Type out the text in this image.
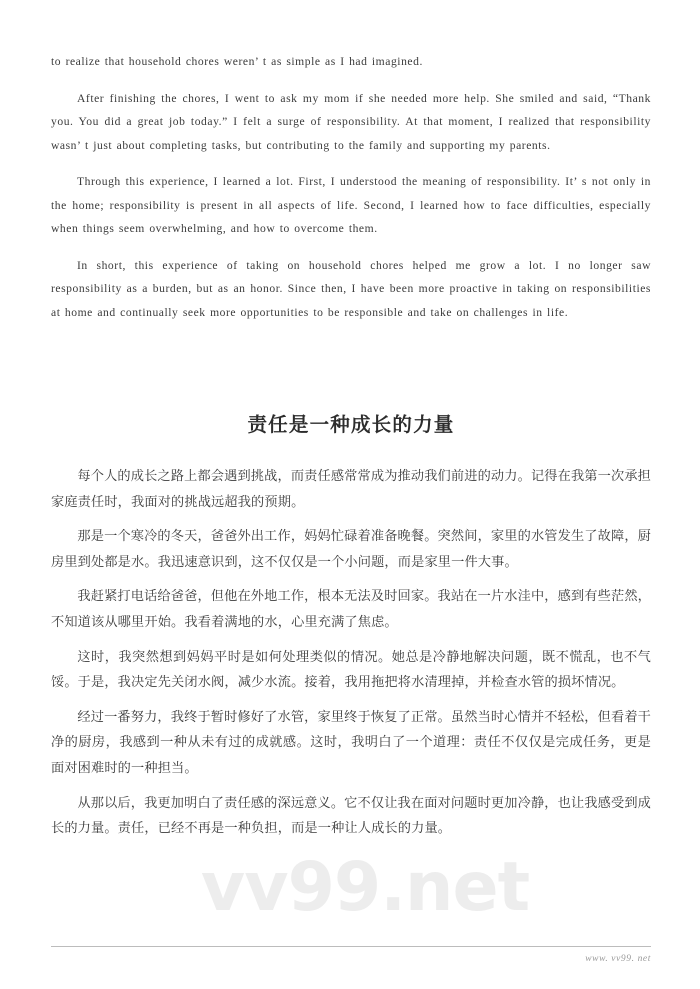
vv99.net

to realize that household chores weren’ t as simple as I had imagined.

After finishing the chores, I went to ask my mom if she needed more help. She smiled and said, “Thank you. You did a great job today.” I felt a surge of responsibility. At that moment, I realized that responsibility wasn’ t just about completing tasks, but contributing to the family and supporting my parents.

Through this experience, I learned a lot. First, I understood the meaning of responsibility. It’ s not only in the home; responsibility is present in all aspects of life. Second, I learned how to face difficulties, especially when things seem overwhelming, and how to overcome them.

In short, this experience of taking on household chores helped me grow a lot. I no longer saw responsibility as a burden, but as an honor. Since then, I have been more proactive in taking on responsibilities at home and continually seek more opportunities to be responsible and take on challenges in life.

责任是一种成长的力量

每个人的成长之路上都会遇到挑战，而责任感常常成为推动我们前进的动力。记得在我第一次承担家庭责任时，我面对的挑战远超我的预期。

那是一个寒冷的冬天，爸爸外出工作，妈妈忙碌着准备晚餐。突然间，家里的水管发生了故障，厨房里到处都是水。我迅速意识到，这不仅仅是一个小问题，而是家里一件大事。

我赶紧打电话给爸爸，但他在外地工作，根本无法及时回家。我站在一片水洼中，感到有些茫然，不知道该从哪里开始。我看着满地的水，心里充满了焦虑。

这时，我突然想到妈妈平时是如何处理类似的情况。她总是冷静地解决问题，既不慌乱，也不气馁。于是，我决定先关闭水阀，减少水流。接着，我用拖把将水清理掉，并检查水管的损坏情况。

经过一番努力，我终于暂时修好了水管，家里终于恢复了正常。虽然当时心情并不轻松，但看着干净的厨房，我感到一种从未有过的成就感。这时，我明白了一个道理：责任不仅仅是完成任务，更是面对困难时的一种担当。

从那以后，我更加明白了责任感的深远意义。它不仅让我在面对问题时更加冷静，也让我感受到成长的力量。责任，已经不再是一种负担，而是一种让人成长的力量。

www. vv99. net
